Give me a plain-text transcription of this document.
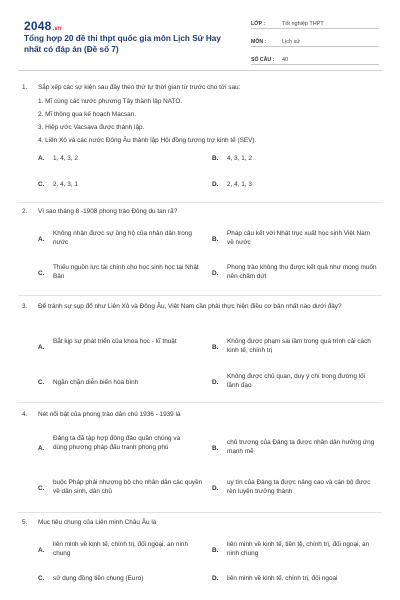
2048.vn
Tổng hợp 20 đề thi thpt quốc gia môn Lịch Sử Hay nhất có đáp án (Đề số 7)
LỚP :	Tốt nghiệp THPT
MÔN :	Lịch sử
SỐ CÂU :	40
1.	Sắp xếp các sự kiện sau đây theo thứ tự thời gian từ trước cho tới sau:
1. Mĩ cùng các nước phương Tây thành lập NATO.
2. Mĩ thông qua kế hoạch Macsan.
3. Hiệp ước Vacsava được thành lập.
4. Liên Xô và các nước Đông Âu thành lập Hội đồng tương trợ kinh tế (SEV).
A. 1, 4, 3, 2	B. 4, 3, 1, 2
C. 2, 4, 3, 1	D. 2, 4, 1, 3
2.	Vì sao tháng 8 -1908 phong trào Đông du tan rã?
A.
Không nhận được sự ủng hộ của nhân dân trong nước	B.
Pháp câu kết với Nhật trục xuất học sinh Việt Nam về nước
C.
Thiếu nguồn lực tài chính cho học sinh học tại Nhật Bản	D.
Phong trào không thu được kết quả như mong muốn nên chấm dứt
3.	Để tránh sự sụp đổ như Liên Xô và Đông Âu, Việt Nam cần phải thực hiện điều cơ bản nhất nào dưới đây?
A.
Bắt kịp sự phát triển của khoa học - kĩ thuật
B.
Không được phạm sai lầm trong quá trình cải cách kinh tế, chính trị
C. Ngăn chặn diễn biến hòa bình	D.
Không được chủ quan, duy ý chí trong đường lối lãnh đạo
4.	Nét nổi bật của phong trào dân chủ 1936 - 1939 là
A.
Đảng ta đã tập hợp đông đảo quần chúng và dùng phương pháp đấu tranh phong phú	B.
chủ trương của Đảng ta được nhân dân hưởng ứng mạnh mẽ
C.
buộc Pháp phải nhượng bộ cho nhân dân các quyền về dân sinh, dân chủ	D.
uy tín của Đảng ta được nâng cao và cán bộ được rèn luyện trưởng thành
5.	Mục tiêu chung của Liên minh Châu Âu là
A.
liên minh về kinh tế, chính trị, đối ngoại, an ninh chung	B.
liên minh về kinh tế, tiền tệ, chính trị, đối ngoại, an ninh chung
C. sử dụng đồng tiền chung (Euro)	D. liên minh về kinh tế, chính trị, đối ngoại
